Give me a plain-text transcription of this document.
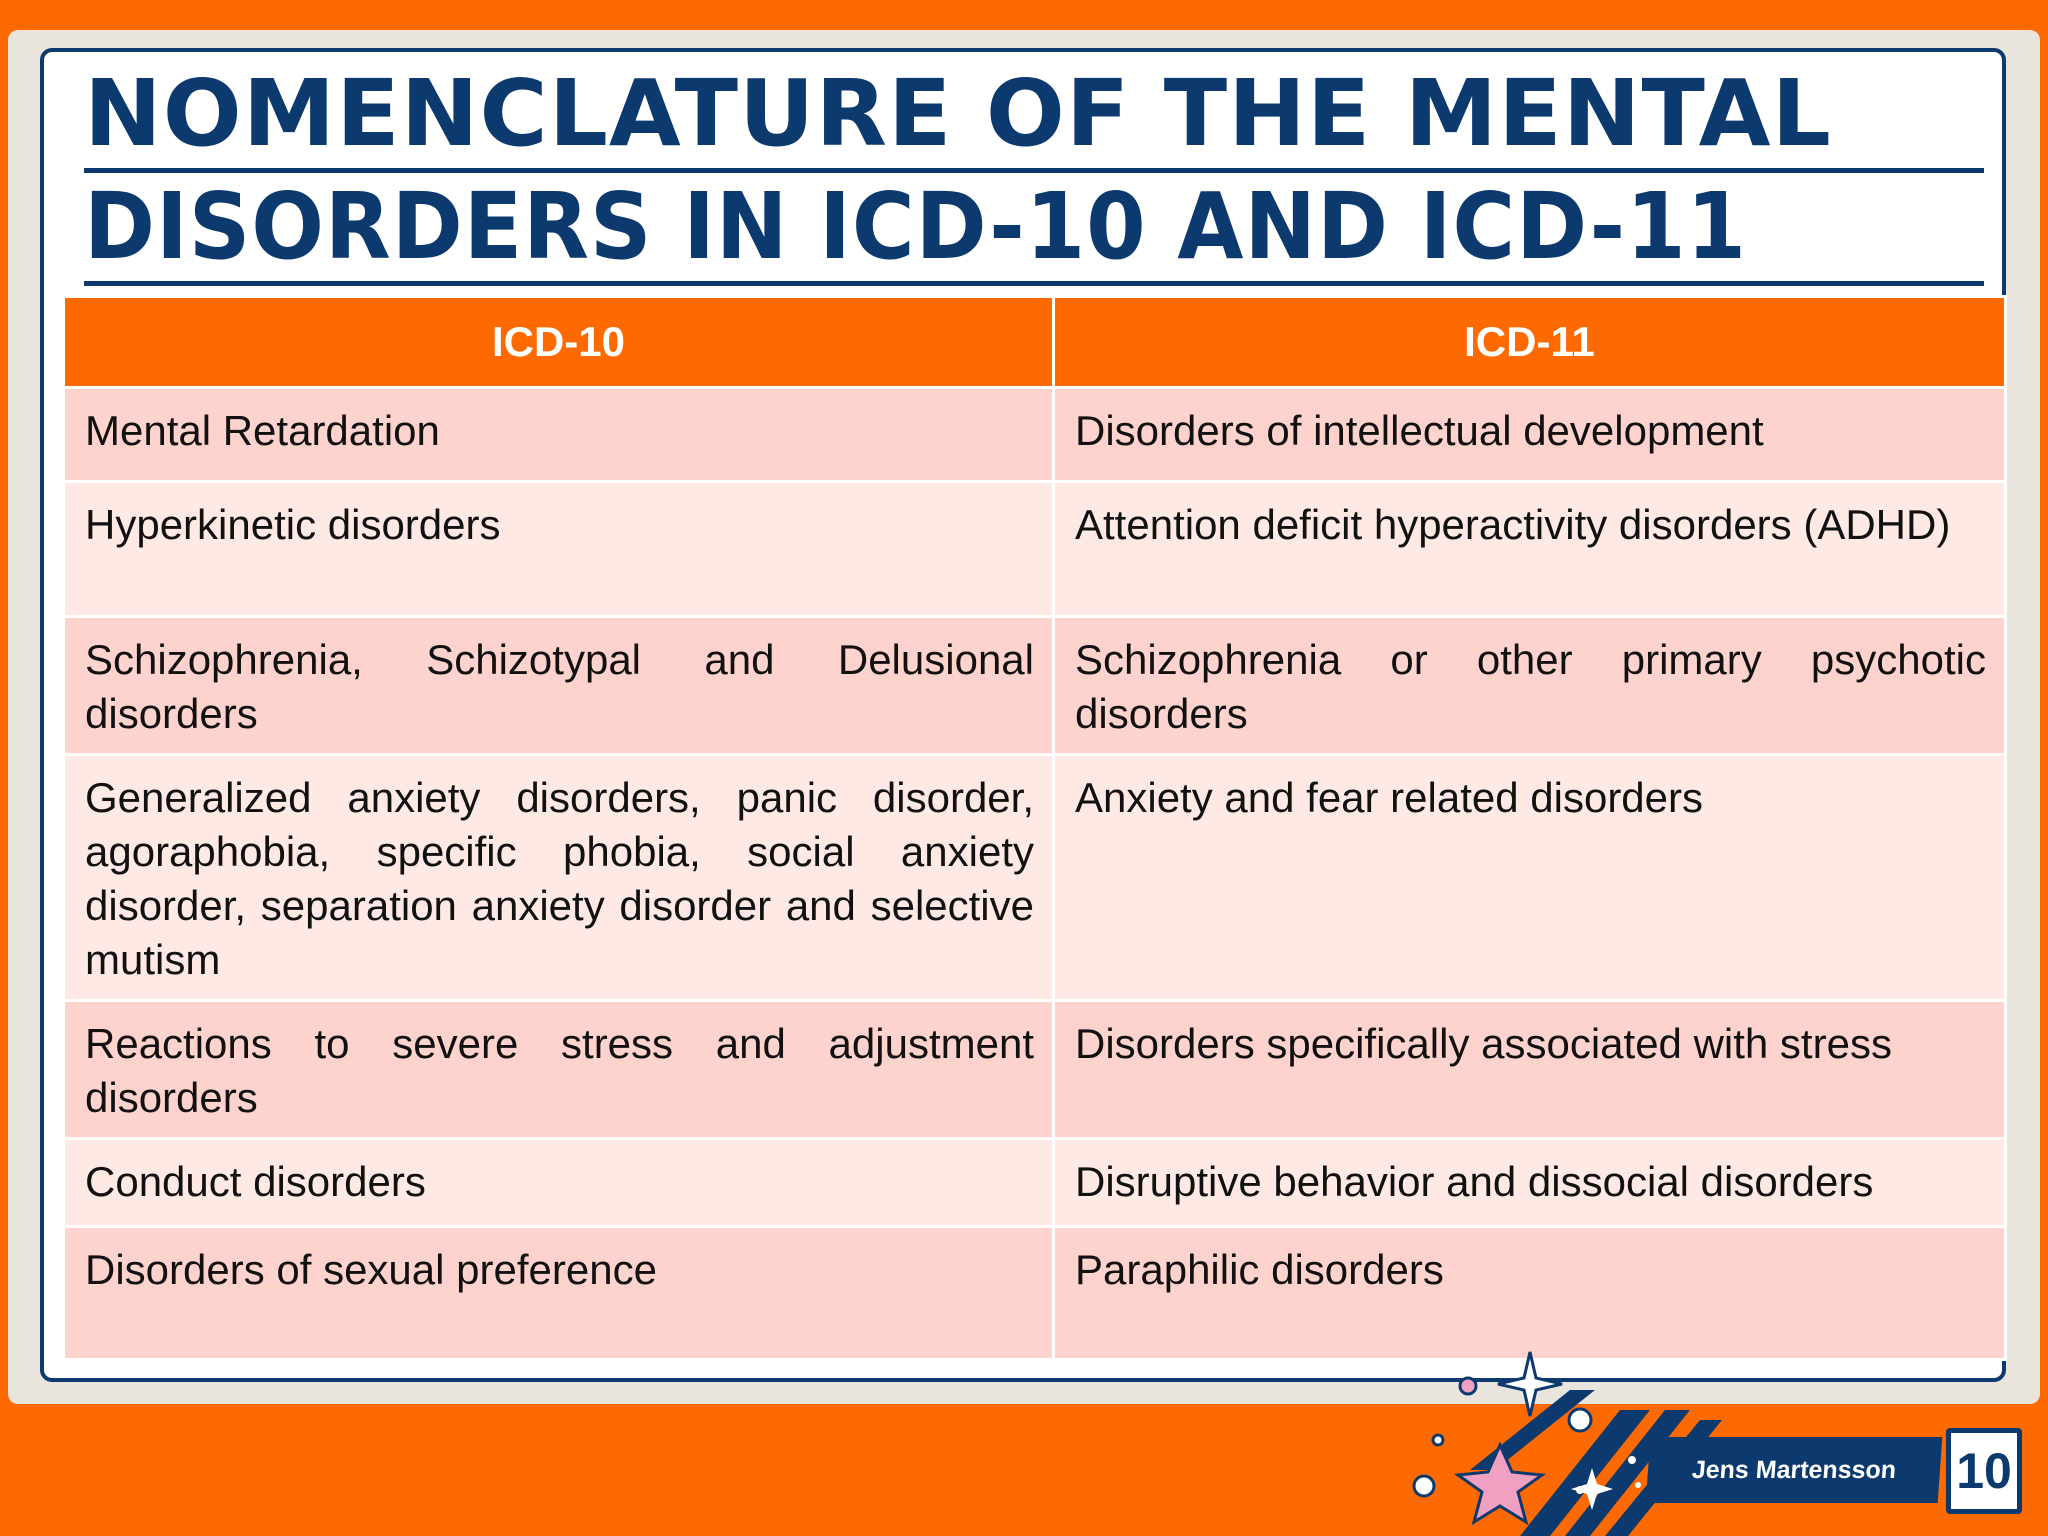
NOMENCLATURE OF THE MENTAL
DISORDERS IN ICD-10 AND ICD-11
ICD-10	ICD-11
Mental Retardation	Disorders of intellectual development
Hyperkinetic disorders	Attention deficit hyperactivity disorders (ADHD)
Schizophrenia, Schizotypal and Delusional disorders	Schizophrenia or other primary psychotic disorders
Generalized anxiety disorders, panic disorder, agoraphobia, specific phobia, social anxiety disorder, separation anxiety disorder and selective mutism	Anxiety and fear related disorders
Reactions to severe stress and adjustment disorders	Disorders specifically associated with stress
Conduct disorders	Disruptive behavior and dissocial disorders
Disorders of sexual preference	Paraphilic disorders
Jens Martensson	10
